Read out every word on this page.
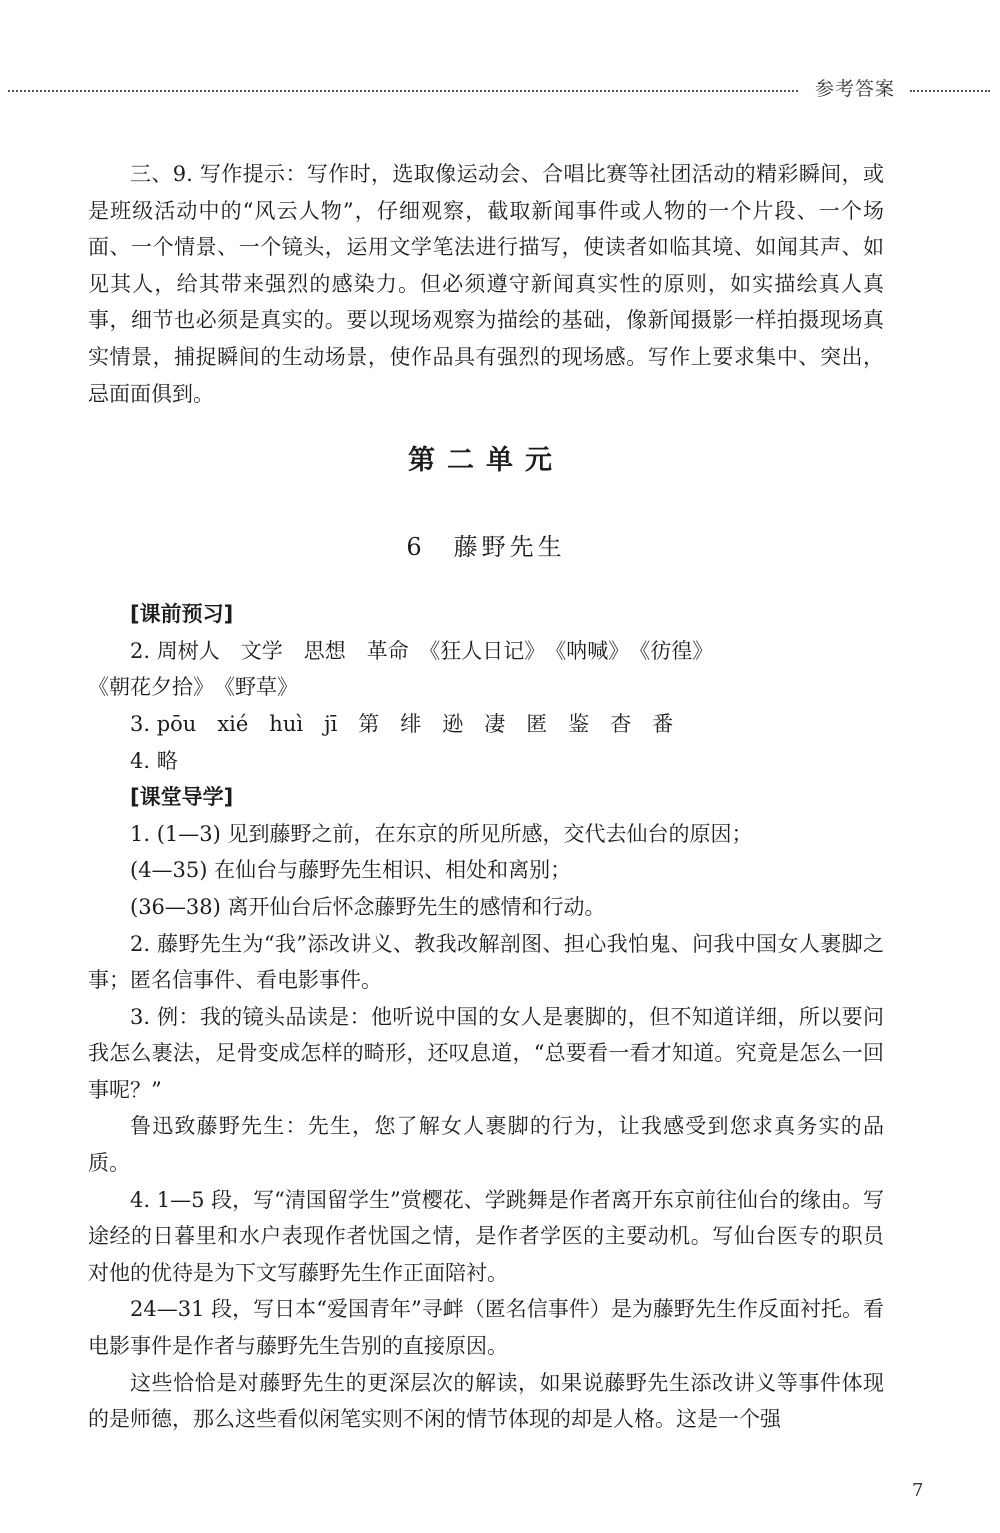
参考答案

三、9. 写作提示：写作时，选取像运动会、合唱比赛等社团活动的精彩瞬间，或是班级活动中的“风云人物”，仔细观察，截取新闻事件或人物的一个片段、一个场面、一个情景、一个镜头，运用文学笔法进行描写，使读者如临其境、如闻其声、如见其人，给其带来强烈的感染力。但必须遵守新闻真实性的原则，如实描绘真人真事，细节也必须是真实的。要以现场观察为描绘的基础，像新闻摄影一样拍摄现场真实情景，捕捉瞬间的生动场景，使作品具有强烈的现场感。写作上要求集中、突出，忌面面俱到。

第二单元
6　藤野先生
[课前预习]
2. 周树人　文学　思想　革命　《狂人日记》　《呐喊》　《彷徨》
《朝花夕拾》　《野草》
3. pōu　xié　huì　jī　第　绯　逊　凄　匿　鉴　杳　番
4. 略
[课堂导学]
1. (1—3) 见到藤野之前，在东京的所见所感，交代去仙台的原因；
(4—35) 在仙台与藤野先生相识、相处和离别；
(36—38) 离开仙台后怀念藤野先生的感情和行动。

2. 藤野先生为“我”添改讲义、教我改解剖图、担心我怕鬼、问我中国女人裹脚之事；匿名信事件、看电影事件。

3. 例：我的镜头品读是：他听说中国的女人是裹脚的，但不知道详细，所以要问我怎么裹法，足骨变成怎样的畸形，还叹息道，“总要看一看才知道。究竟是怎么一回事呢？”

鲁迅致藤野先生：先生，您了解女人裹脚的行为，让我感受到您求真务实的品质。

4. 1—5 段，写“清国留学生”赏樱花、学跳舞是作者离开东京前往仙台的缘由。写途经的日暮里和水户表现作者忧国之情，是作者学医的主要动机。写仙台医专的职员对他的优待是为下文写藤野先生作正面陪衬。

24—31 段，写日本“爱国青年”寻衅（匿名信事件）是为藤野先生作反面衬托。看电影事件是作者与藤野先生告别的直接原因。

这些恰恰是对藤野先生的更深层次的解读，如果说藤野先生添改讲义等事件体现的是师德，那么这些看似闲笔实则不闲的情节体现的却是人格。这是一个强

7
